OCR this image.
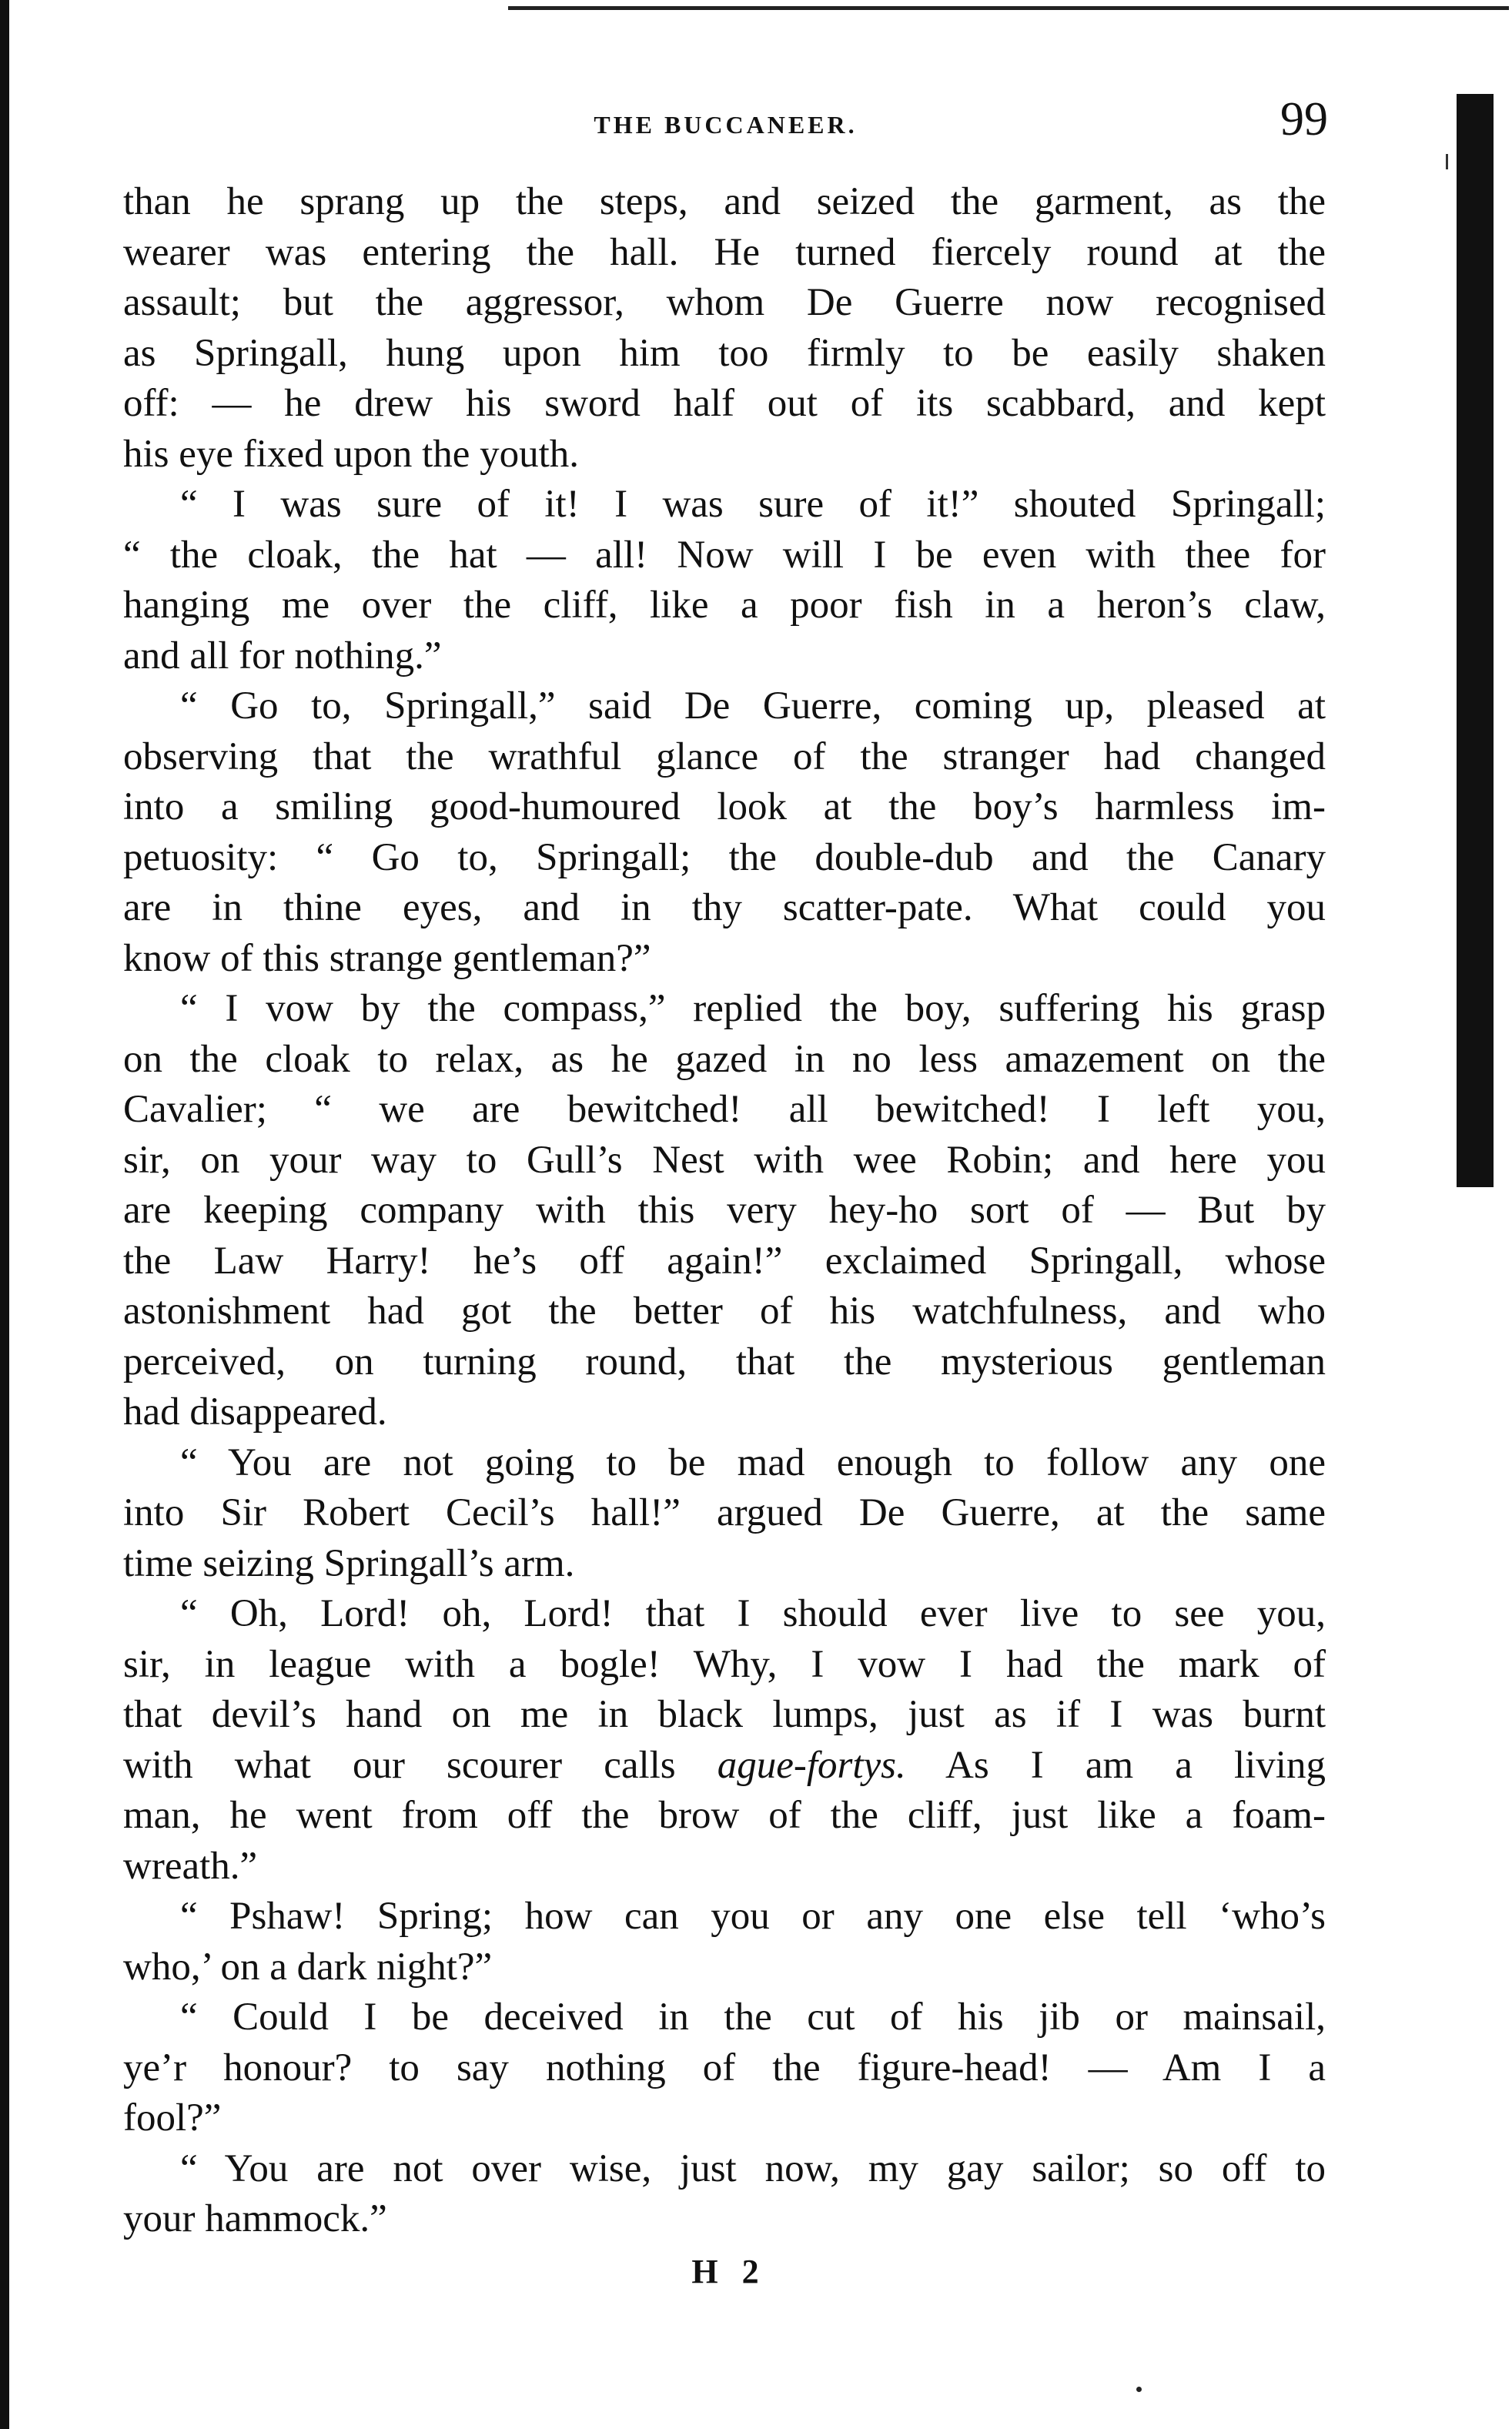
THE BUCCANEER.	99
than he sprang up the steps, and seized the garment, as the
wearer was entering the hall. He turned fiercely round at the
assault; but the aggressor, whom De Guerre now recognised
as Springall, hung upon him too firmly to be easily shaken
off: — he drew his sword half out of its scabbard, and kept
his eye fixed upon the youth.
“ I was sure of it! I was sure of it!” shouted Springall;
“ the cloak, the hat — all! Now will I be even with thee for
hanging me over the cliff, like a poor fish in a heron’s claw,
and all for nothing.”
“ Go to, Springall,” said De Guerre, coming up, pleased at
observing that the wrathful glance of the stranger had changed
into a smiling good-humoured look at the boy’s harmless im-
petuosity: “ Go to, Springall; the double-dub and the Canary
are in thine eyes, and in thy scatter-pate. What could you
know of this strange gentleman?”
“ I vow by the compass,” replied the boy, suffering his grasp
on the cloak to relax, as he gazed in no less amazement on the
Cavalier; “ we are bewitched! all bewitched! I left you,
sir, on your way to Gull’s Nest with wee Robin; and here you
are keeping company with this very hey-ho sort of — But by
the Law Harry! he’s off again!” exclaimed Springall, whose
astonishment had got the better of his watchfulness, and who
perceived, on turning round, that the mysterious gentleman
had disappeared.
“ You are not going to be mad enough to follow any one
into Sir Robert Cecil’s hall!” argued De Guerre, at the same
time seizing Springall’s arm.
“ Oh, Lord! oh, Lord! that I should ever live to see you,
sir, in league with a bogle! Why, I vow I had the mark of
that devil’s hand on me in black lumps, just as if I was burnt
with what our scourer calls ague-fortys. As I am a living
man, he went from off the brow of the cliff, just like a foam-
wreath.”
“ Pshaw! Spring; how can you or any one else tell ‘who’s
who,’ on a dark night?”
“ Could I be deceived in the cut of his jib or mainsail,
ye’r honour? to say nothing of the figure-head! — Am I a
fool?”
“ You are not over wise, just now, my gay sailor; so off to
your hammock.”
H 2
